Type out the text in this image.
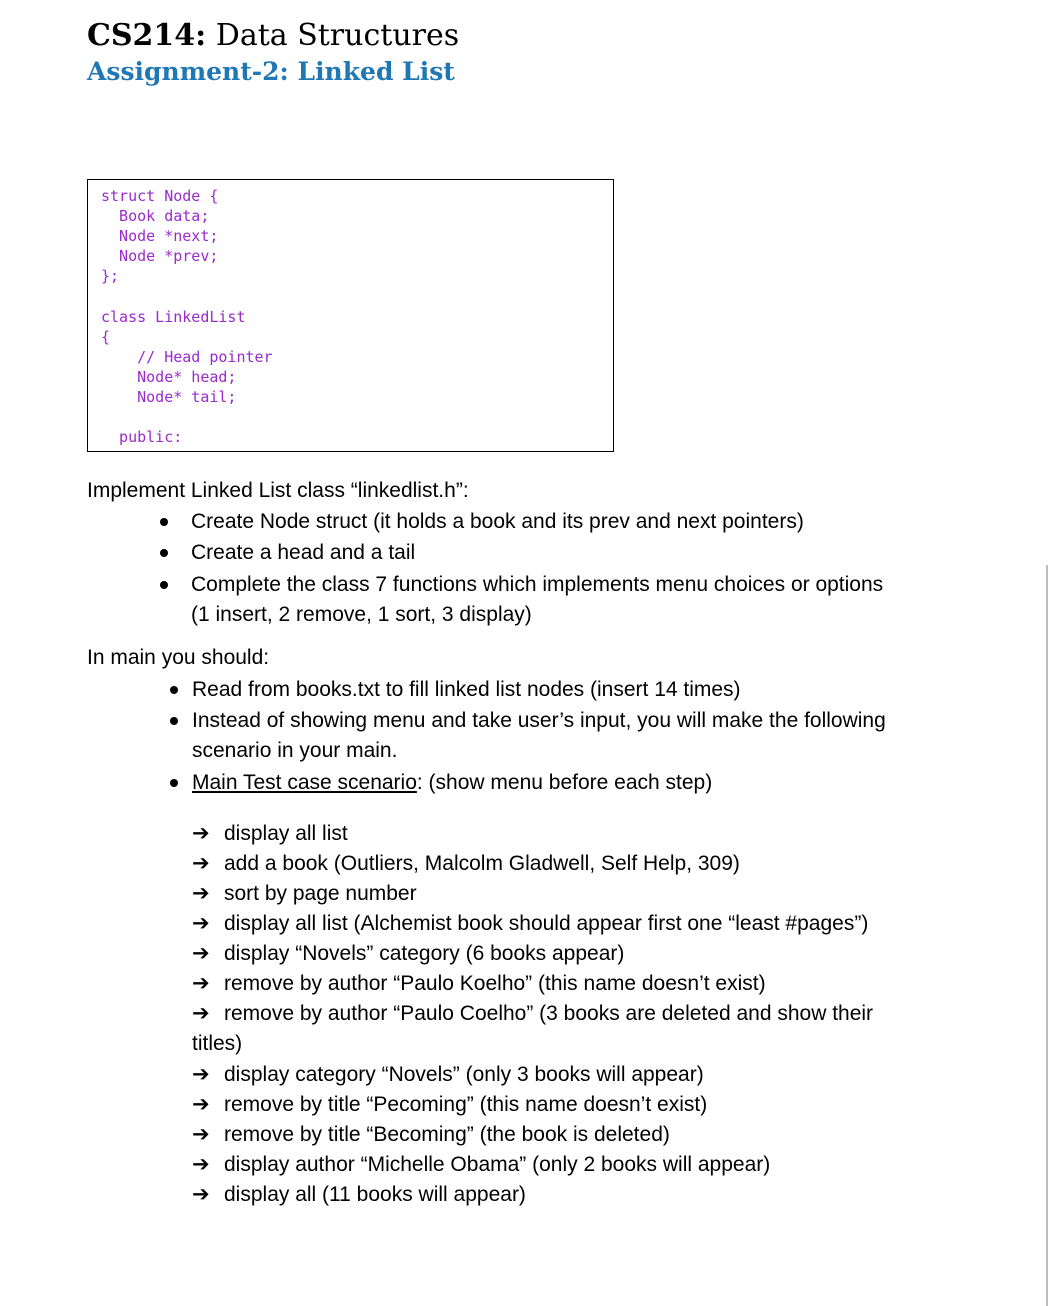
CS214: Data Structures
Assignment-2: Linked List
struct Node {
Book data;
Node *next;
Node *prev;
};

class LinkedList
{
// Head pointer
Node* head;
Node* tail;

public:
Implement Linked List class “linkedlist.h”:
Create Node struct (it holds a book and its prev and next pointers)
Create a head and a tail
Complete the class 7 functions which implements menu choices or options
(1 insert, 2 remove, 1 sort, 3 display)
In main you should:
Read from books.txt to fill linked list nodes (insert 14 times)
Instead of showing menu and take user’s input, you will make the following
scenario in your main.
Main Test case scenario: (show menu before each step)
➔ display all list
➔ add a book (Outliers, Malcolm Gladwell, Self Help, 309)
➔ sort by page number
➔ display all list (Alchemist book should appear first one “least #pages”)
➔ display “Novels” category (6 books appear)
➔ remove by author “Paulo Koelho” (this name doesn’t exist)
➔ remove by author “Paulo Coelho” (3 books are deleted and show their
titles)
➔ display category “Novels” (only 3 books will appear)
➔ remove by title “Pecoming” (this name doesn’t exist)
➔ remove by title “Becoming” (the book is deleted)
➔ display author “Michelle Obama” (only 2 books will appear)
➔ display all (11 books will appear)
